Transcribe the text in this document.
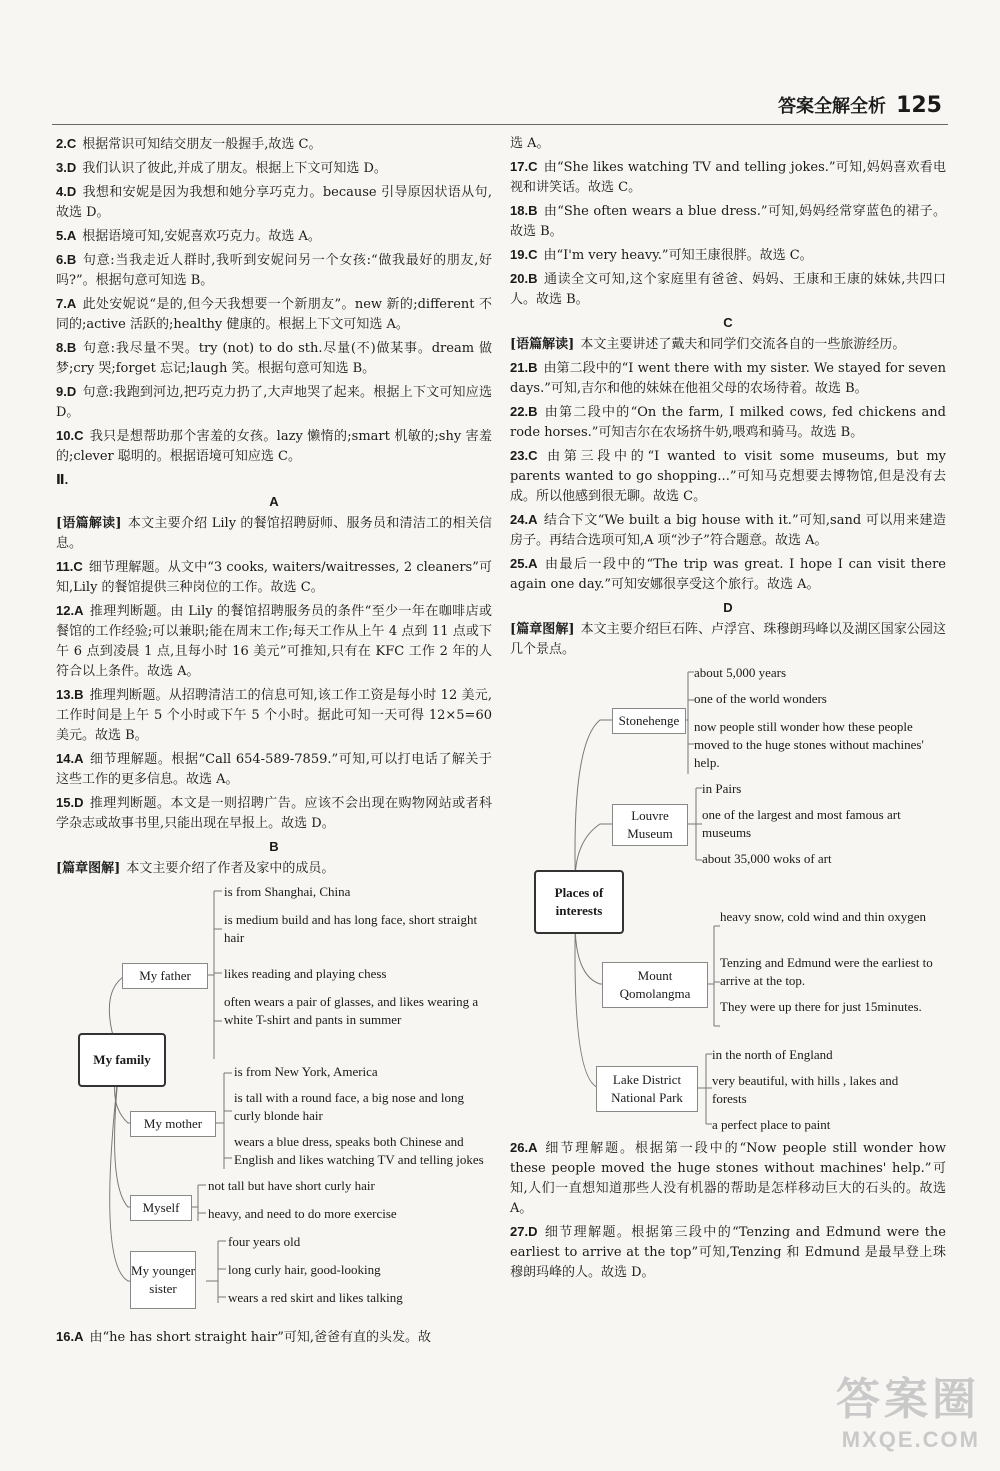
答案全解全析 125
2.C 根据常识可知结交朋友一般握手,故选 C。
3.D 我们认识了彼此,并成了朋友。根据上下文可知选 D。
4.D 我想和安妮是因为我想和她分享巧克力。because 引导原因状语从句,故选 D。
5.A 根据语境可知,安妮喜欢巧克力。故选 A。
6.B 句意:当我走近人群时,我听到安妮问另一个女孩:“做我最好的朋友,好吗?”。根据句意可知选 B。
7.A 此处安妮说“是的,但今天我想要一个新朋友”。new 新的;different 不同的;active 活跃的;healthy 健康的。根据上下文可知选 A。
8.B 句意:我尽量不哭。try (not) to do sth.尽量(不)做某事。dream 做梦;cry 哭;forget 忘记;laugh 笑。根据句意可知选 B。
9.D 句意:我跑到河边,把巧克力扔了,大声地哭了起来。根据上下文可知应选 D。
10.C 我只是想帮助那个害羞的女孩。lazy 懒惰的;smart 机敏的;shy 害羞的;clever 聪明的。根据语境可知应选 C。
Ⅱ.
A
[语篇解读] 本文主要介绍 Lily 的餐馆招聘厨师、服务员和清洁工的相关信息。
11.C 细节理解题。从文中“3 cooks, waiters/waitresses, 2 cleaners”可知,Lily 的餐馆提供三种岗位的工作。故选 C。
12.A 推理判断题。由 Lily 的餐馆招聘服务员的条件“至少一年在咖啡店或餐馆的工作经验;可以兼职;能在周末工作;每天工作从上午 4 点到 11 点或下午 6 点到凌晨 1 点,且每小时 16 美元”可推知,只有在 KFC 工作 2 年的人符合以上条件。故选 A。
13.B 推理判断题。从招聘清洁工的信息可知,该工作工资是每小时 12 美元,工作时间是上午 5 个小时或下午 5 个小时。据此可知一天可得 12×5=60 美元。故选 B。
14.A 细节理解题。根据“Call 654-589-7859.”可知,可以打电话了解关于这些工作的更多信息。故选 A。
15.D 推理判断题。本文是一则招聘广告。应该不会出现在购物网站或者科学杂志或故事书里,只能出现在早报上。故选 D。
B
[篇章图解] 本文主要介绍了作者及家中的成员。
My family
My father
My mother
Myself
My younger sister
is from Shanghai, China
is medium build and has long face, short straight hair
likes reading and playing chess
often wears a pair of glasses, and likes wearing a white T-shirt and pants in summer
is from New York, America
is tall with a round face, a big nose and long curly blonde hair
wears a blue dress, speaks both Chinese and English and likes watching TV and telling jokes
not tall but have short curly hair
heavy, and need to do more exercise
four years old
long curly hair, good-looking
wears a red skirt and likes talking
16.A 由“he has short straight hair”可知,爸爸有直的头发。故
选 A。
17.C 由“She likes watching TV and telling jokes.”可知,妈妈喜欢看电视和讲笑话。故选 C。
18.B 由“She often wears a blue dress.”可知,妈妈经常穿蓝色的裙子。故选 B。
19.C 由“I'm very heavy.”可知王康很胖。故选 C。
20.B 通读全文可知,这个家庭里有爸爸、妈妈、王康和王康的妹妹,共四口人。故选 B。
C
[语篇解读] 本文主要讲述了戴夫和同学们交流各自的一些旅游经历。
21.B 由第二段中的“I went there with my sister. We stayed for seven days.”可知,吉尔和他的妹妹在他祖父母的农场待着。故选 B。
22.B 由第二段中的“On the farm, I milked cows, fed chickens and rode horses.”可知吉尔在农场挤牛奶,喂鸡和骑马。故选 B。
23.C 由第三段中的“I wanted to visit some museums, but my parents wanted to go shopping...”可知马克想要去博物馆,但是没有去成。所以他感到很无聊。故选 C。
24.A 结合下文“We built a big house with it.”可知,sand 可以用来建造房子。再结合选项可知,A 项“沙子”符合题意。故选 A。
25.A 由最后一段中的“The trip was great. I hope I can visit there again one day.”可知安娜很享受这个旅行。故选 A。
D
[篇章图解] 本文主要介绍巨石阵、卢浮宫、珠穆朗玛峰以及湖区国家公园这几个景点。
Places of interests
Stonehenge
Louvre Museum
Mount Qomolangma
Lake District National Park
about 5,000 years
one of the world wonders
now people still wonder how these people moved to the huge stones without machines' help.
in Pairs
one of the largest and most famous art museums
about 35,000 woks of art
heavy snow, cold wind and thin oxygen
Tenzing and Edmund were the earliest to arrive at the top.
They were up there for just 15minutes.
in the north of England
very beautiful, with hills , lakes and forests
a perfect place to paint
26.A 细节理解题。根据第一段中的“Now people still wonder how these people moved the huge stones without machines' help.”可知,人们一直想知道那些人没有机器的帮助是怎样移动巨大的石头的。故选 A。
27.D 细节理解题。根据第三段中的“Tenzing and Edmund were the earliest to arrive at the top”可知,Tenzing 和 Edmund 是最早登上珠穆朗玛峰的人。故选 D。
答案圈
MXQE.COM
